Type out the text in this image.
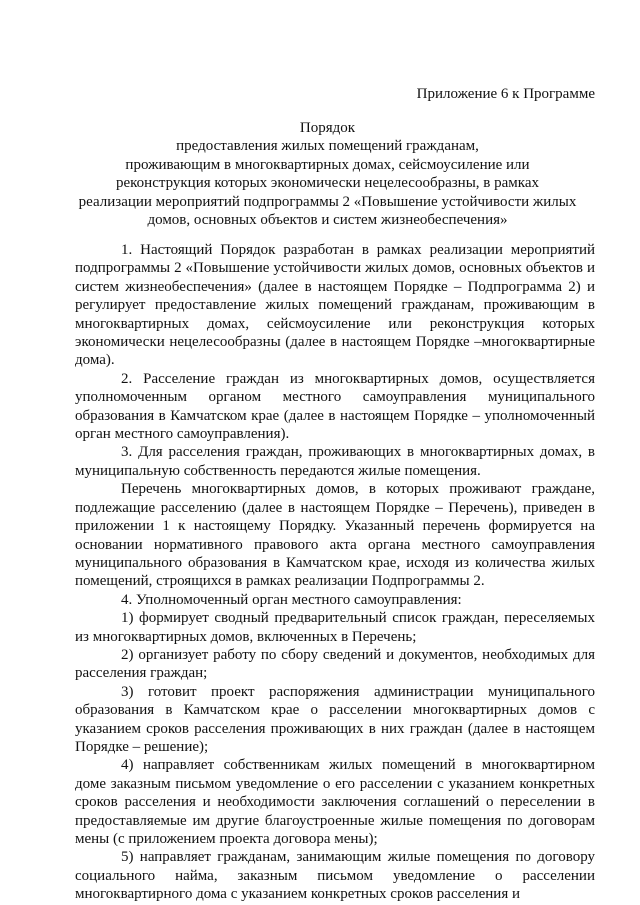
Приложение 6 к Программе
Порядок
предоставления жилых помещений гражданам,
проживающим в многоквартирных домах, сейсмоусиление или
реконструкция которых экономически нецелесообразны, в рамках
реализации мероприятий подпрограммы 2 «Повышение устойчивости жилых
домов, основных объектов и систем жизнеобеспечения»

1. Настоящий Порядок разработан в рамках реализации мероприятий подпрограммы 2 «Повышение устойчивости жилых домов, основных объектов и систем жизнеобеспечения» (далее в настоящем Порядке – Подпрограмма 2) и регулирует предоставление жилых помещений гражданам, проживающим в многоквартирных домах, сейсмоусиление или реконструкция которых экономически нецелесообразны (далее в настоящем Порядке –многоквартирные дома).

2. Расселение граждан из многоквартирных домов, осуществляется уполномоченным органом местного самоуправления муниципального образования в Камчатском крае (далее в настоящем Порядке – уполномоченный орган местного самоуправления).

3. Для расселения граждан, проживающих в многоквартирных домах, в муниципальную собственность передаются жилые помещения.

Перечень многоквартирных домов, в которых проживают граждане, подлежащие расселению (далее в настоящем Порядке – Перечень), приведен в приложении 1 к настоящему Порядку. Указанный перечень формируется на основании нормативного правового акта органа местного самоуправления муниципального образования в Камчатском крае, исходя из количества жилых помещений, строящихся в рамках реализации Подпрограммы 2.

4. Уполномоченный орган местного самоуправления:

1) формирует сводный предварительный список граждан, переселяемых из многоквартирных домов, включенных в Перечень;

2) организует работу по сбору сведений и документов, необходимых для расселения граждан;

3) готовит проект распоряжения администрации муниципального образования в Камчатском крае о расселении многоквартирных домов с указанием сроков расселения проживающих в них граждан (далее в настоящем Порядке – решение);

4) направляет собственникам жилых помещений в многоквартирном доме заказным письмом уведомление о его расселении с указанием конкретных сроков расселения и необходимости заключения соглашений о переселении в предоставляемые им другие благоустроенные жилые помещения по договорам мены (с приложением проекта договора мены);

5) направляет гражданам, занимающим жилые помещения по договору социального найма, заказным письмом уведомление о расселении многоквартирного дома с указанием конкретных сроков расселения и
